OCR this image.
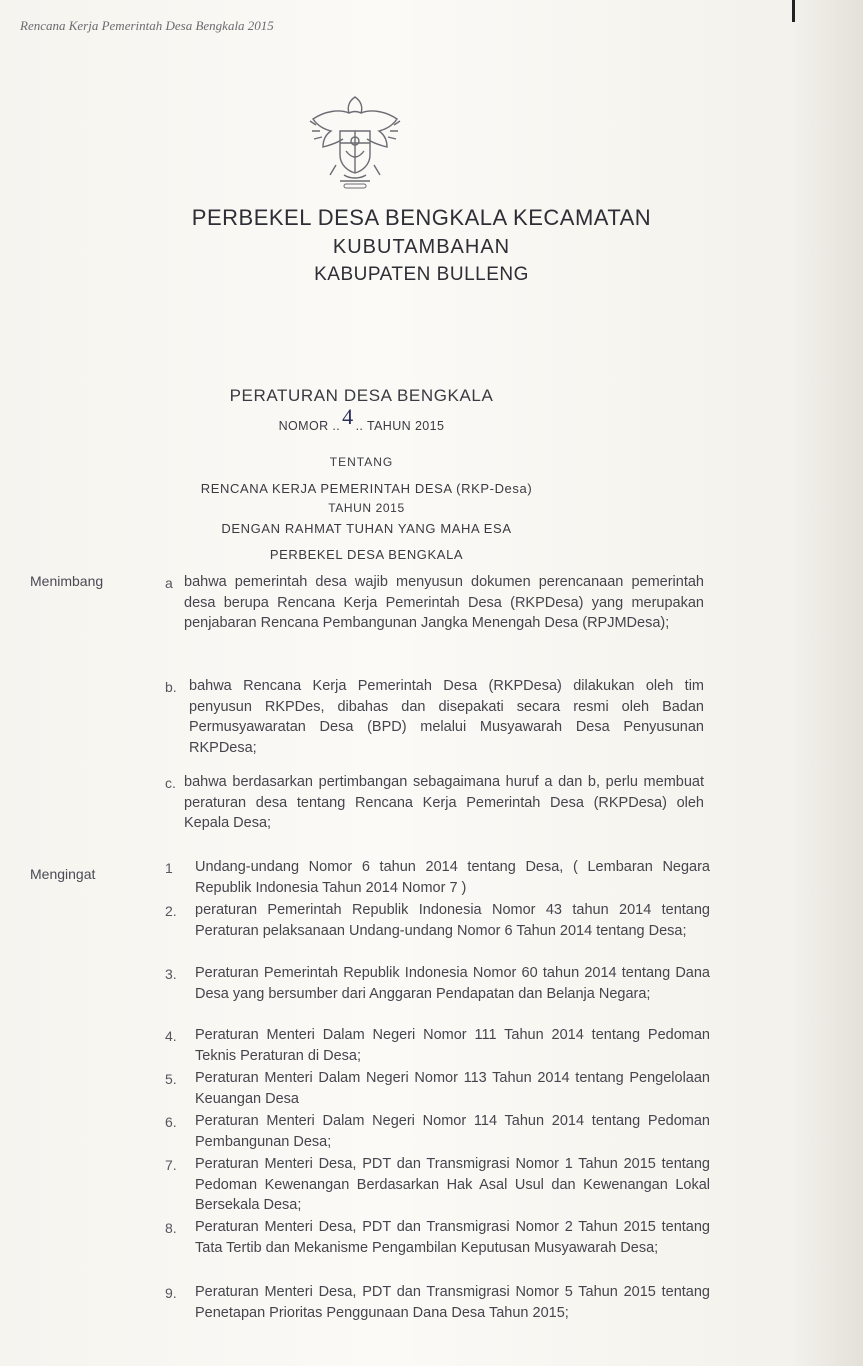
Rencana Kerja Pemerintah Desa Bengkala 2015
PERBEKEL DESA BENGKALA KECAMATAN
KUBUTAMBAHAN
KABUPATEN BULLENG
PERATURAN DESA BENGKALA
NOMOR ..4 .. TAHUN 2015
TENTANG
RENCANA KERJA PEMERINTAH DESA (RKP-Desa)
TAHUN 2015
DENGAN RAHMAT TUHAN YANG MAHA ESA
PERBEKEL DESA BENGKALA
Menimbang	a bahwa pemerintah desa wajib menyusun dokumen perencanaan pemerintah desa berupa Rencana Kerja Pemerintah Desa (RKPDesa) yang merupakan penjabaran Rencana Pembangunan Jangka Menengah Desa (RPJMDesa);
b. bahwa Rencana Kerja Pemerintah Desa (RKPDesa) dilakukan oleh tim penyusun RKPDes, dibahas dan disepakati secara resmi oleh Badan Permusyawaratan Desa (BPD) melalui Musyawarah Desa Penyusunan RKPDesa;
c. bahwa berdasarkan pertimbangan sebagaimana huruf a dan b, perlu membuat peraturan desa tentang Rencana Kerja Pemerintah Desa (RKPDesa) oleh Kepala Desa;
Mengingat	1 Undang-undang Nomor 6 tahun 2014 tentang Desa, ( Lembaran Negara Republik Indonesia Tahun 2014 Nomor 7 )
2. peraturan Pemerintah Republik Indonesia Nomor 43 tahun 2014 tentang Peraturan pelaksanaan Undang-undang Nomor 6 Tahun 2014 tentang Desa;
3. Peraturan Pemerintah Republik Indonesia Nomor 60 tahun 2014 tentang Dana Desa yang bersumber dari Anggaran Pendapatan dan Belanja Negara;
4. Peraturan Menteri Dalam Negeri Nomor 111 Tahun 2014 tentang Pedoman Teknis Peraturan di Desa;
5. Peraturan Menteri Dalam Negeri Nomor 113 Tahun 2014 tentang Pengelolaan Keuangan Desa
6. Peraturan Menteri Dalam Negeri Nomor 114 Tahun 2014 tentang Pedoman Pembangunan Desa;
7. Peraturan Menteri Desa, PDT dan Transmigrasi Nomor 1 Tahun 2015 tentang Pedoman Kewenangan Berdasarkan Hak Asal Usul dan Kewenangan Lokal Bersekala Desa;
8. Peraturan Menteri Desa, PDT dan Transmigrasi Nomor 2 Tahun 2015 tentang Tata Tertib dan Mekanisme Pengambilan Keputusan Musyawarah Desa;
9. Peraturan Menteri Desa, PDT dan Transmigrasi Nomor 5 Tahun 2015 tentang Penetapan Prioritas Penggunaan Dana Desa Tahun 2015;
